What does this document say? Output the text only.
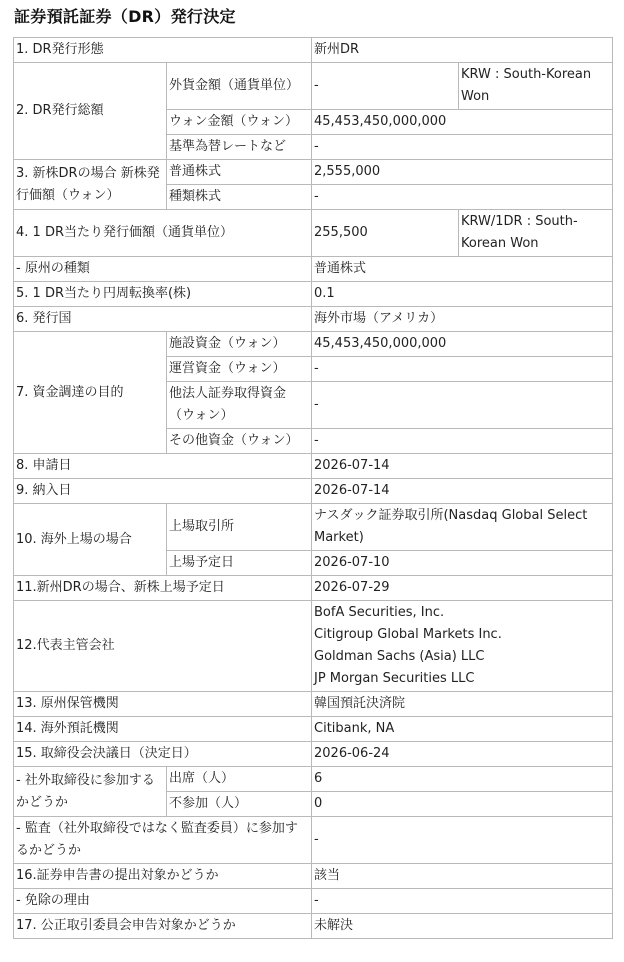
証券預託証券（DR）発行決定
1. DR発行形態		新州DR	
2. DR発行総額	外貨金額（通貨単位）	-	KRW : South-Korean Won
	ウォン金額（ウォン）	45,453,450,000,000	
	基準為替レートなど	-	
3. 新株DRの場合 新株発行価額（ウォン）	普通株式	2,555,000	
	種類株式	-	
4. 1 DR当たり発行価額（通貨単位）		255,500	KRW/1DR : South-Korean Won
- 原州の種類		普通株式	
5. 1 DR当たり円周転換率(株)		0.1	
6. 発行国		海外市場（アメリカ）	
7. 資金調達の目的	施設資金（ウォン）	45,453,450,000,000	
	運営資金（ウォン）	-	
	他法人証券取得資金（ウォン）	-	
	その他資金（ウォン）	-	
8. 申請日		2026-07-14	
9. 納入日		2026-07-14	
10. 海外上場の場合	上場取引所	ナスダック証券取引所(Nasdaq Global Select Market)	
	上場予定日	2026-07-10	
11.新州DRの場合、新株上場予定日		2026-07-29	
12.代表主管会社		BofA Securities, Inc.
Citigroup Global Markets Inc.
Goldman Sachs (Asia) LLC
JP Morgan Securities LLC	

13. 原州保管機関		韓国預託決済院	
14. 海外預託機関		Citibank, NA	
15. 取締役会決議日（決定日）		2026-06-24	
- 社外取締役に参加するかどうか	出席（人）	6	
	不参加（人）	0	
- 監査（社外取締役ではなく監査委員）に参加するかどうか		-	
16.証券申告書の提出対象かどうか		該当	
- 免除の理由		-	
17. 公正取引委員会申告対象かどうか		未解決	
